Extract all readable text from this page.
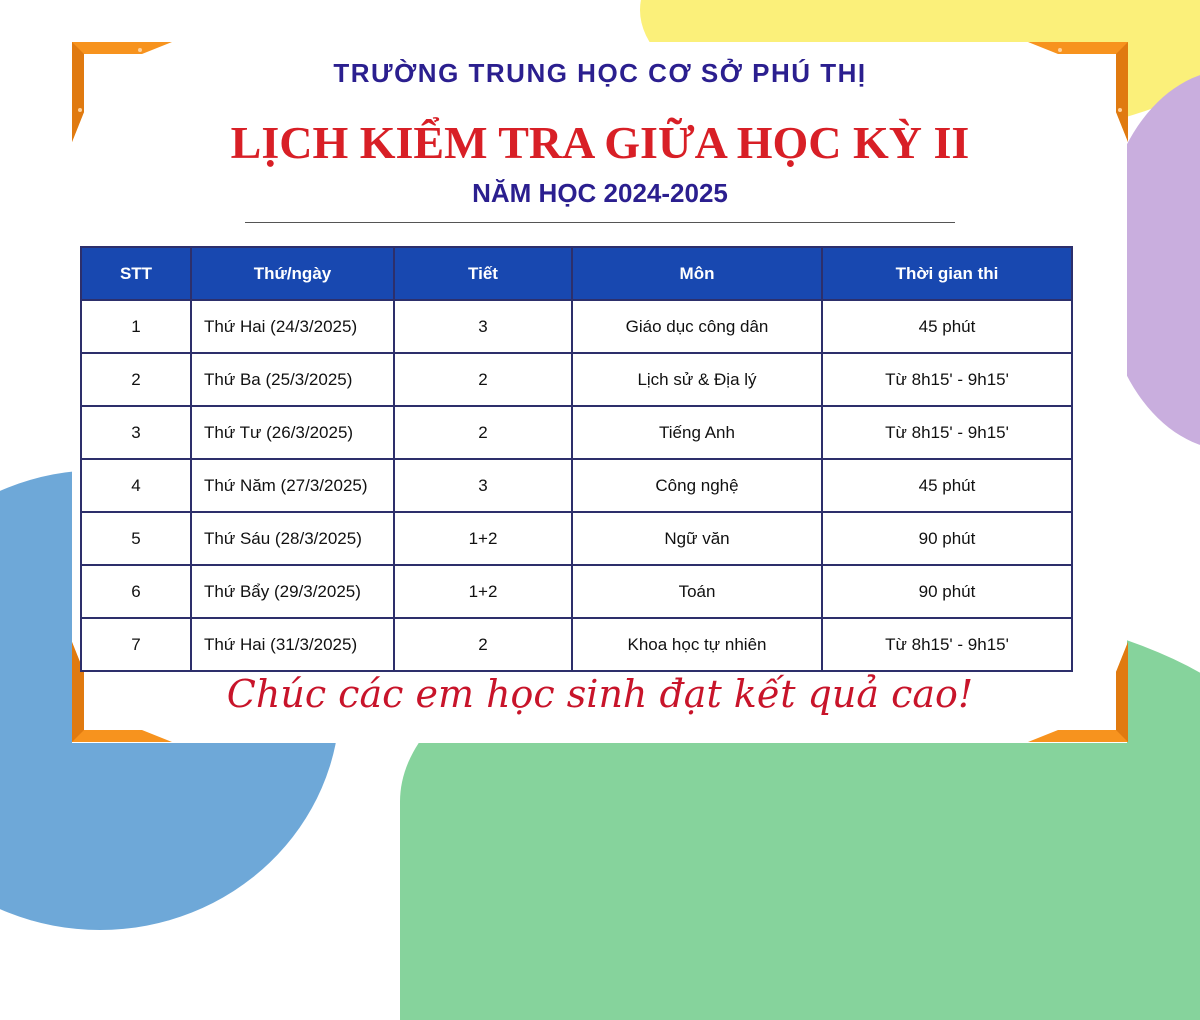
TRƯỜNG TRUNG HỌC CƠ SỞ PHÚ THỊ

LỊCH KIỂM TRA GIỮA HỌC KỲ II

NĂM HỌC 2024-2025

STT	Thứ/ngày	Tiết	Môn	Thời gian thi
1	Thứ Hai (24/3/2025)	3	Giáo dục công dân	45 phút
2	Thứ Ba (25/3/2025)	2	Lịch sử & Địa lý	Từ 8h15' - 9h15'
3	Thứ Tư (26/3/2025)	2	Tiếng Anh	Từ 8h15' - 9h15'
4	Thứ Năm (27/3/2025)	3	Công nghệ	45 phút
5	Thứ Sáu (28/3/2025)	1+2	Ngữ văn	90 phút
6	Thứ Bẩy (29/3/2025)	1+2	Toán	90 phút
7	Thứ Hai (31/3/2025)	2	Khoa học tự nhiên	Từ 8h15' - 9h15'

Chúc các em học sinh đạt kết quả cao!
